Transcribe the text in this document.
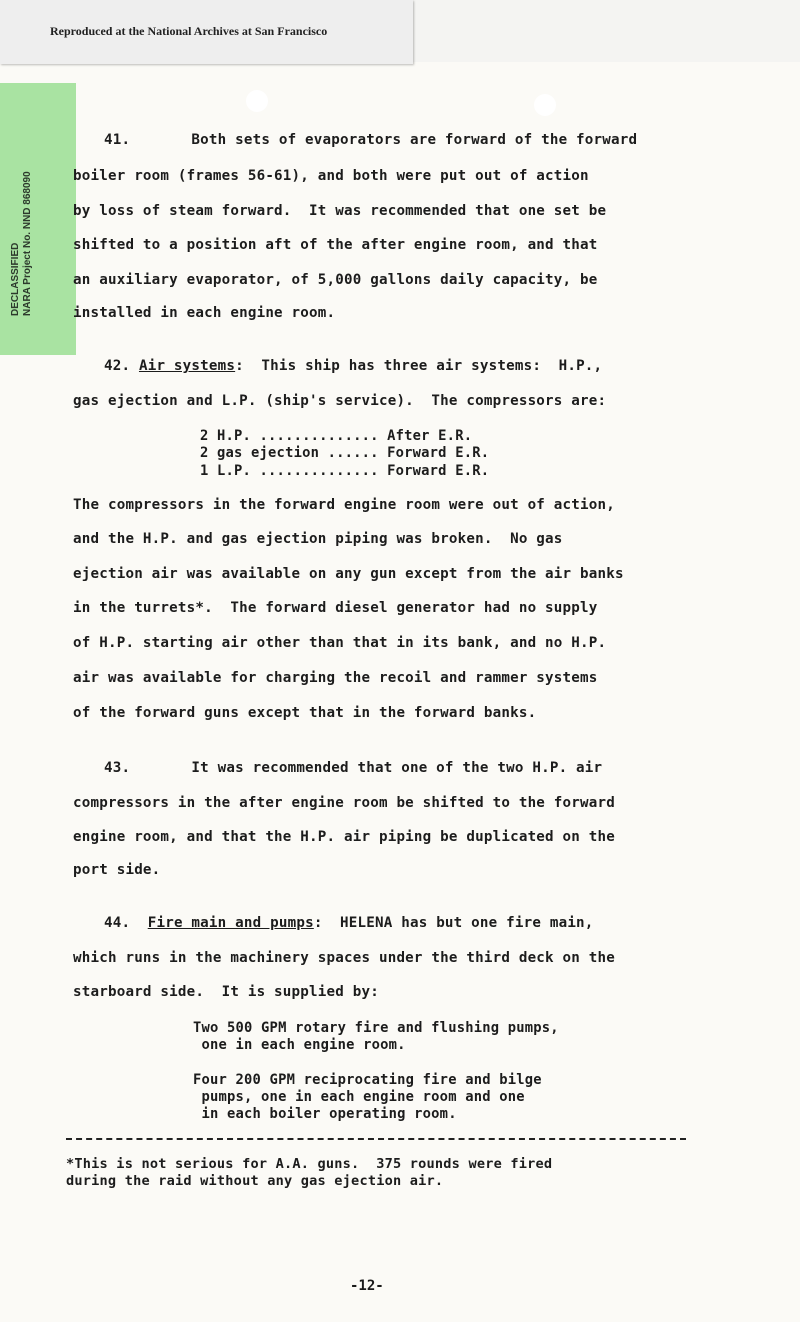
Reproduced at the National Archives at San Francisco
DECLASSIFIED NARA Project No. NND 868090
41.       Both sets of evaporators are forward of the forward
boiler room (frames 56-61), and both were put out of action
by loss of steam forward.  It was recommended that one set be
shifted to a position aft of the after engine room, and that
an auxiliary evaporator, of 5,000 gallons daily capacity, be
installed in each engine room.
42. Air systems:  This ship has three air systems:  H.P.,
gas ejection and L.P. (ship's service).  The compressors are:
2 H.P. .............. After E.R.
2 gas ejection ...... Forward E.R.
1 L.P. .............. Forward E.R.
The compressors in the forward engine room were out of action,
and the H.P. and gas ejection piping was broken.  No gas
ejection air was available on any gun except from the air banks
in the turrets*.  The forward diesel generator had no supply
of H.P. starting air other than that in its bank, and no H.P.
air was available for charging the recoil and rammer systems
of the forward guns except that in the forward banks.
43.       It was recommended that one of the two H.P. air
compressors in the after engine room be shifted to the forward
engine room, and that the H.P. air piping be duplicated on the
port side.
44.  Fire main and pumps:  HELENA has but one fire main,
which runs in the machinery spaces under the third deck on the
starboard side.  It is supplied by:
Two 500 GPM rotary fire and flushing pumps,
one in each engine room.
Four 200 GPM reciprocating fire and bilge
pumps, one in each engine room and one
in each boiler operating room.
*This is not serious for A.A. guns.  375 rounds were fired
during the raid without any gas ejection air.
-12-
